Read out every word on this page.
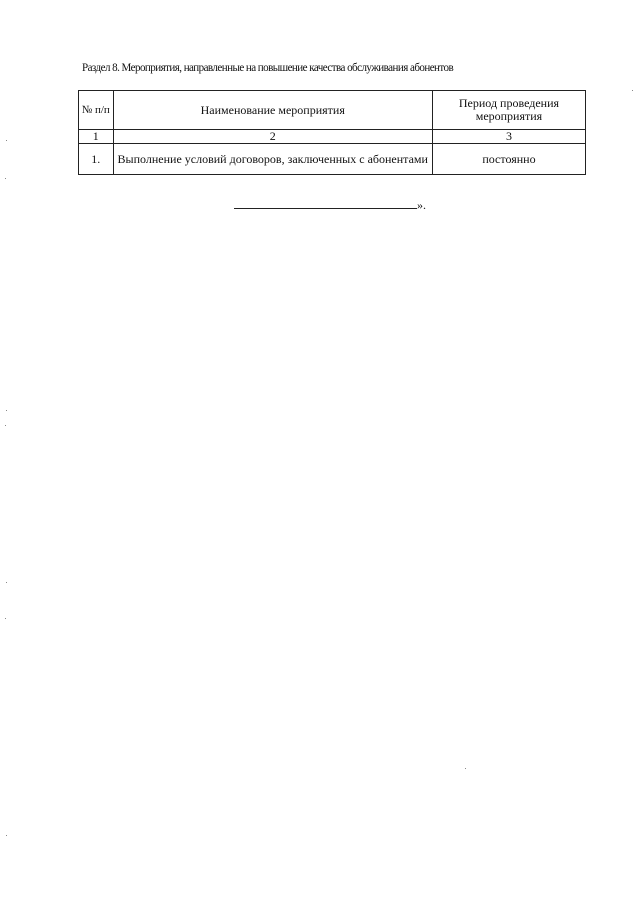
Раздел 8. Мероприятия, направленные на повышение качества обслуживания абонентов
№ п/п	Наименование мероприятия	Период проведения мероприятия
1	2	3
1.	Выполнение условий договоров, заключенных с абонентами	постоянно
».
